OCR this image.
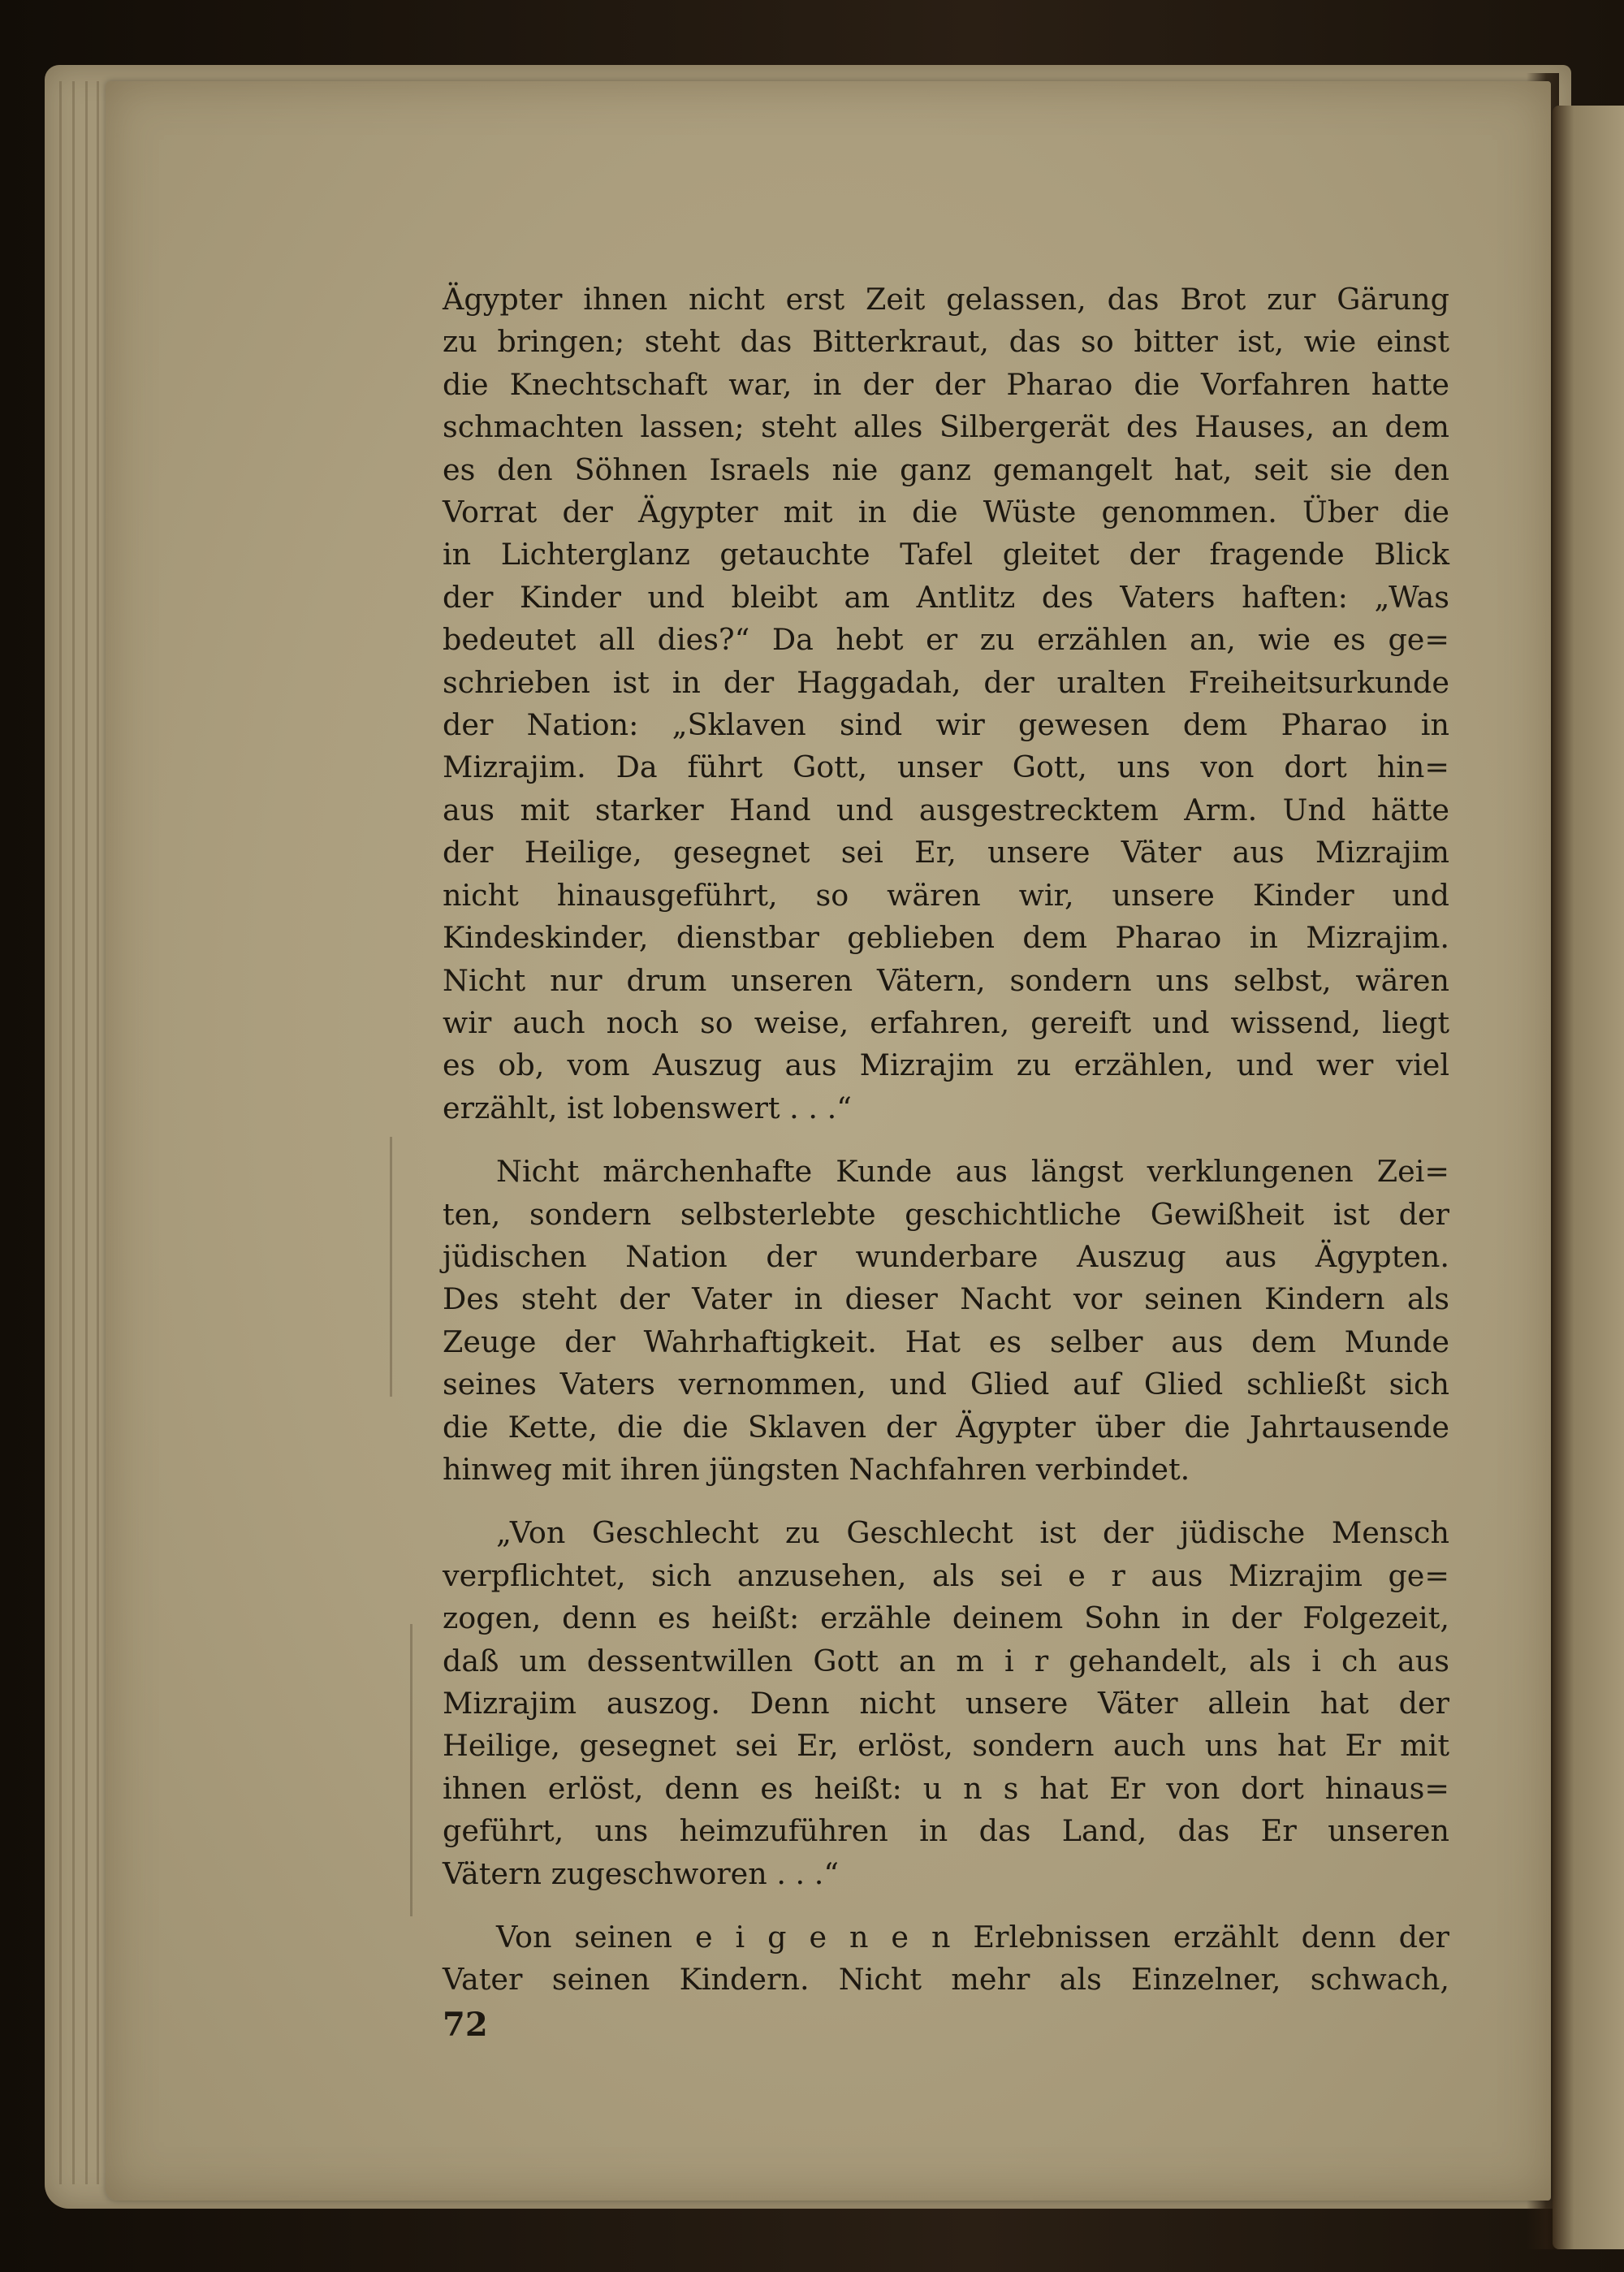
Ägypter ihnen nicht erst Zeit gelassen, das Brot zur Gärung

zu bringen; steht das Bitterkraut, das so bitter ist, wie einst

die Knechtschaft war, in der der Pharao die Vorfahren hatte

schmachten lassen; steht alles Silbergerät des Hauses, an dem

es den Söhnen Israels nie ganz gemangelt hat, seit sie den

Vorrat der Ägypter mit in die Wüste genommen. Über die

in Lichterglanz getauchte Tafel gleitet der fragende Blick

der Kinder und bleibt am Antlitz des Vaters haften: „Was

bedeutet all dies?“ Da hebt er zu erzählen an, wie es ge=

schrieben ist in der Haggadah, der uralten Freiheitsurkunde

der Nation: „Sklaven sind wir gewesen dem Pharao in

Mizrajim. Da führt Gott, unser Gott, uns von dort hin=

aus mit starker Hand und ausgestrecktem Arm. Und hätte

der Heilige, gesegnet sei Er, unsere Väter aus Mizrajim

nicht hinausgeführt, so wären wir, unsere Kinder und

Kindeskinder, dienstbar geblieben dem Pharao in Mizrajim.

Nicht nur drum unseren Vätern, sondern uns selbst, wären

wir auch noch so weise, erfahren, gereift und wissend, liegt

es ob, vom Auszug aus Mizrajim zu erzählen, und wer viel

erzählt, ist lobenswert . . .“

Nicht märchenhafte Kunde aus längst verklungenen Zei=

ten, sondern selbsterlebte geschichtliche Gewißheit ist der

jüdischen Nation der wunderbare Auszug aus Ägypten.

Des steht der Vater in dieser Nacht vor seinen Kindern als

Zeuge der Wahrhaftigkeit. Hat es selber aus dem Munde

seines Vaters vernommen, und Glied auf Glied schließt sich

die Kette, die die Sklaven der Ägypter über die Jahrtausende

hinweg mit ihren jüngsten Nachfahren verbindet.

„Von Geschlecht zu Geschlecht ist der jüdische Mensch

verpflichtet, sich anzusehen, als sei e r aus Mizrajim ge=

zogen, denn es heißt: erzähle deinem Sohn in der Folgezeit,

daß um dessentwillen Gott an m i r gehandelt, als i ch aus

Mizrajim auszog. Denn nicht unsere Väter allein hat der

Heilige, gesegnet sei Er, erlöst, sondern auch uns hat Er mit

ihnen erlöst, denn es heißt: u n s hat Er von dort hinaus=

geführt, uns heimzuführen in das Land, das Er unseren

Vätern zugeschworen . . .“

Von seinen e i g e n e n Erlebnissen erzählt denn der

Vater seinen Kindern. Nicht mehr als Einzelner, schwach,

72
